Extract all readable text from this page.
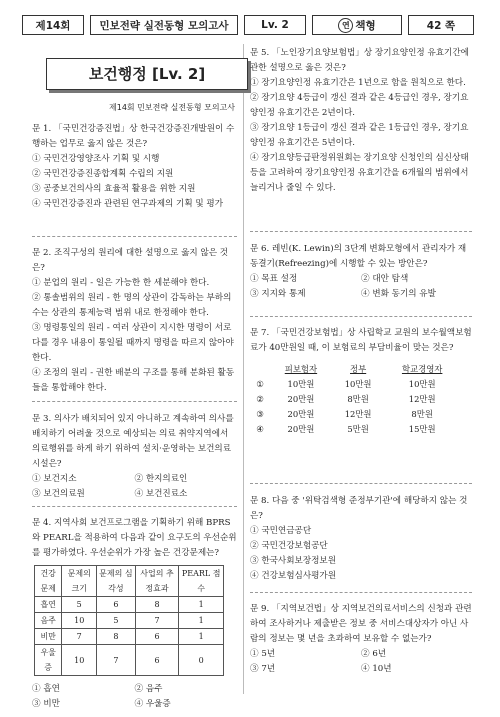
제14회	민보전략 실전동형 모의고사	Lv. 2	연 책형	42 쪽
보건행정 [Lv. 2]
제14회 민보전략 실전동형 모의고사

문 1. 「국민건강증진법」상 한국건강증진개발원이 수행하는 업무로 옳지 않은 것은?

① 국민건강영양조사 기획 및 시행
② 국민건강증진종합계획 수립의 지원
③ 공중보건의사의 효율적 활용을 위한 지원
④ 국민건강증진과 관련된 연구과제의 기획 및 평가

문 2. 조직구성의 원리에 대한 설명으로 옳지 않은 것은?

① 분업의 원리 - 일은 가능한 한 세분해야 한다.
② 통솔범위의 원리 - 한 명의 상관이 감독하는 부하의 수는 상관의 통제능력 범위 내로 한정해야 한다.
③ 명령통일의 원리 - 여러 상관이 지시한 명령이 서로 다를 경우 내용이 통일될 때까지 명령을 따르지 않아야 한다.
④ 조정의 원리 - 권한 배분의 구조를 통해 분화된 활동들을 통합해야 한다.

문 3. 의사가 배치되어 있지 아니하고 계속하여 의사를 배치하기 어려울 것으로 예상되는 의료 취약지역에서 의료행위를 하게 하기 위하여 설치·운영하는 보건의료시설은?

① 보건지소	② 한지의료인
③ 보건의료원	④ 보건진료소

문 4. 지역사회 보건프로그램을 기획하기 위해 BPRS와 PEARL을 적용하여 다음과 같이 요구도의 우선순위를 평가하였다. 우선순위가 가장 높은 건강문제는?

건강문제	문제의 크기	문제의 심각성	사업의 추정효과	PEARL 점수
흡연	5	6	8	1
음주	10	5	7	1
비만	7	8	6	1
우울증	10	7	6	0
① 흡연	② 음주
③ 비만	④ 우울증

문 5. 「노인장기요양보험법」상 장기요양인정 유효기간에 관한 설명으로 옳은 것은?

① 장기요양인정 유효기간은 1년으로 함을 원칙으로 한다.
② 장기요양 4등급이 갱신 결과 같은 4등급인 경우, 장기요양인정 유효기간은 2년이다.
③ 장기요양 1등급이 갱신 결과 같은 1등급인 경우, 장기요양인정 유효기간은 5년이다.
④ 장기요양등급판정위원회는 장기요양 신청인의 심신상태 등을 고려하여 장기요양인정 유효기간을 6개월의 범위에서 늘리거나 줄일 수 있다.

문 6. 레빈(K. Lewin)의 3단계 변화모형에서 관리자가 재동결기(Refreezing)에 시행할 수 있는 방안은?

① 목표 설정	② 대안 탐색
③ 지지와 통제	④ 변화 동기의 유발

문 7. 「국민건강보험법」상 사립학교 교원의 보수월액보험료가 40만원일 때, 이 보험료의 부담비율이 맞는 것은?

	피보험자	정부	학교경영자
①	10만원	10만원	10만원
②	20만원	8만원	12만원
③	20만원	12만원	8만원
④	20만원	5만원	15만원

문 8. 다음 중 '위탁검색형 준정부기관'에 해당하지 않는 것은?

① 국민연금공단
② 국민건강보험공단
③ 한국사회보장정보원
④ 건강보험심사평가원

문 9. 「지역보건법」상 지역보건의료서비스의 신청과 관련하여 조사하거나 제출받은 정보 중 서비스대상자가 아닌 사람의 정보는 몇 년을 초과하여 보유할 수 없는가?

① 5년	② 6년
③ 7년	④ 10년
